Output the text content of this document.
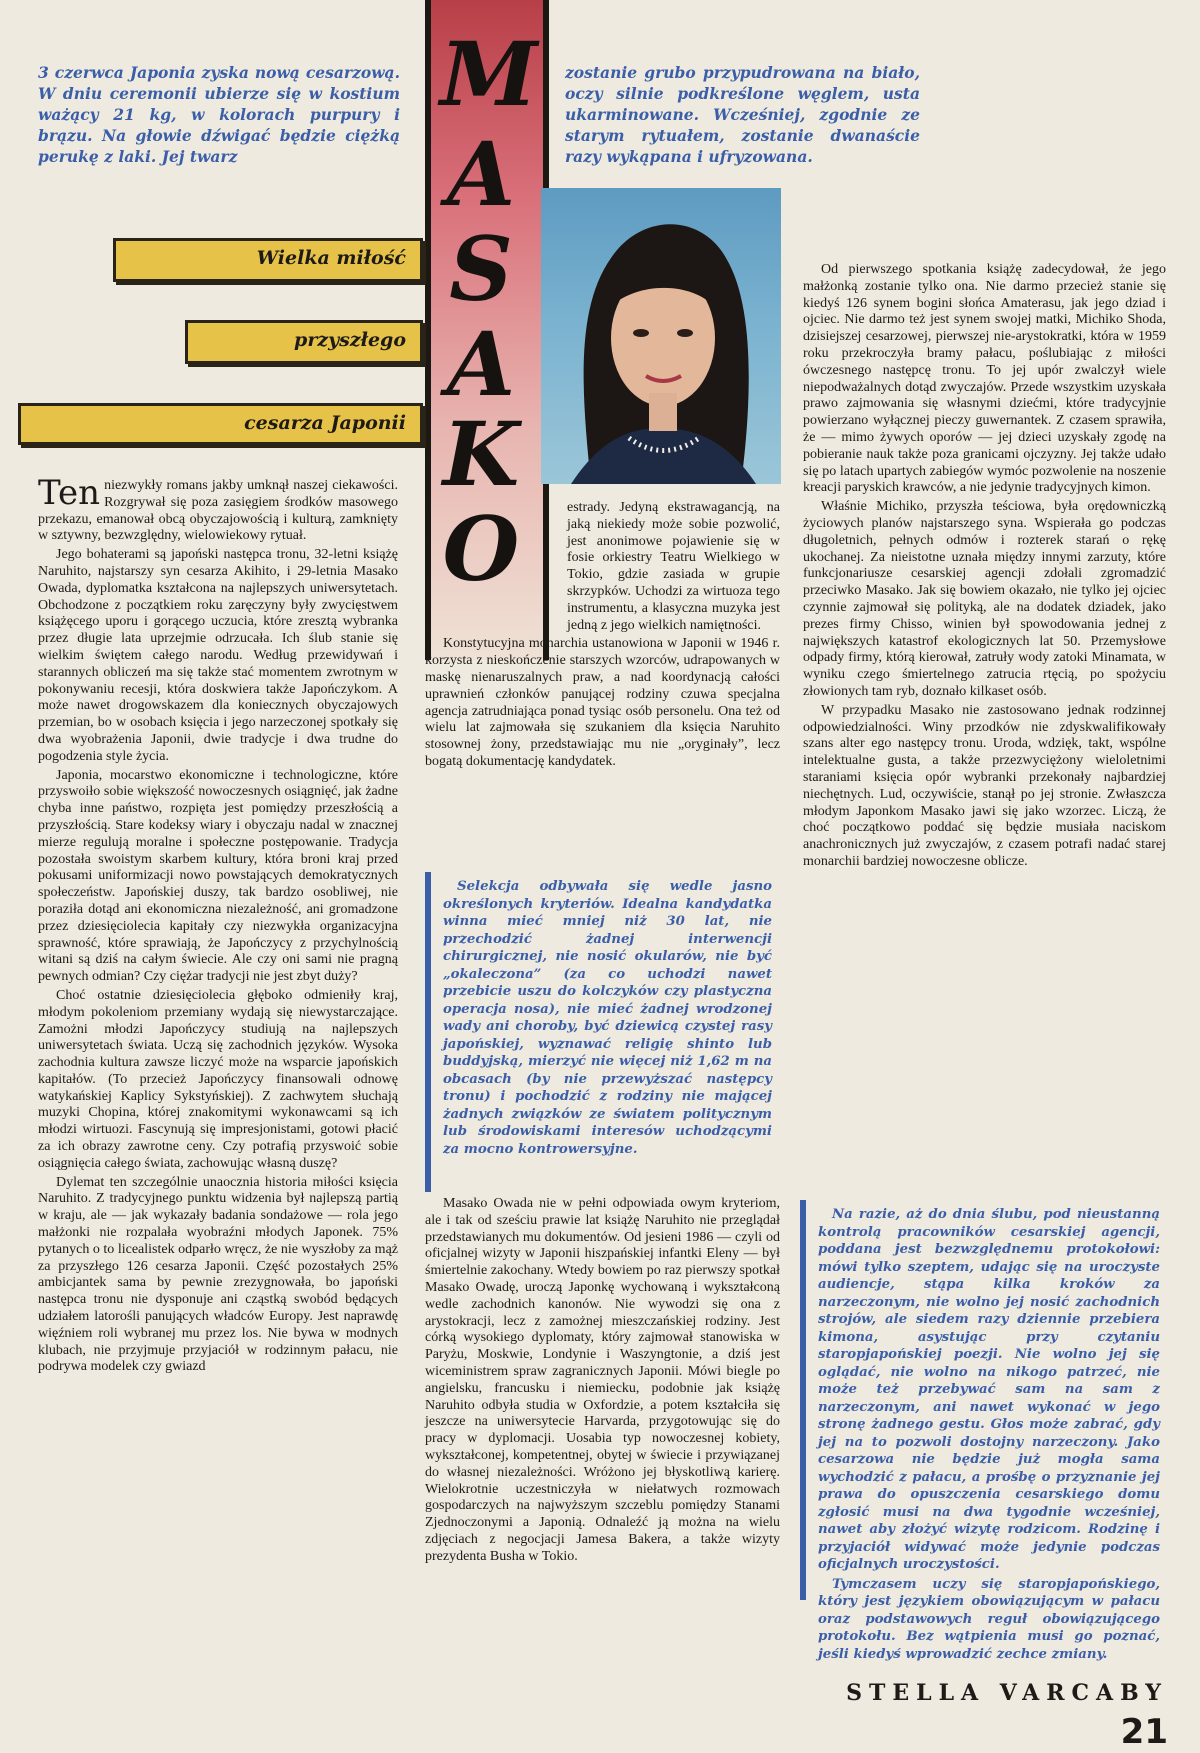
3 czerwca Japonia zyska nową cesarzową. W dniu ceremonii ubierze się w kostium ważący 21 kg, w kolorach purpury i brązu. Na głowie dźwigać będzie ciężką perukę z laki. Jej twarz
zostanie grubo przypudrowana na biało, oczy silnie podkreślone węglem, usta ukarminowane. Wcześniej, zgodnie ze starym rytuałem, zostanie dwanaście razy wykąpana i ufryzowana.
M
A
S
A
K
O
Wielka miłość
przyszłego
cesarza Japonii

Ten niezwykły romans jakby umknął naszej ciekawości. Rozgrywał się poza zasięgiem środków masowego przekazu, emanował obcą obyczajowością i kulturą, zamknięty w sztywny, bezwzględny, wielowiekowy rytuał.

Jego bohaterami są japoński następca tronu, 32-letni książę Naruhito, najstarszy syn cesarza Akihito, i 29-letnia Masako Owada, dyplomatka kształcona na najlepszych uniwersytetach. Obchodzone z początkiem roku zaręczyny były zwycięstwem książęcego uporu i gorącego uczucia, które zresztą wybranka przez długie lata uprzejmie odrzucała. Ich ślub stanie się wielkim świętem całego narodu. Według przewidywań i starannych obliczeń ma się także stać momentem zwrotnym w pokonywaniu recesji, która doskwiera także Japończykom. A może nawet drogowskazem dla koniecznych obyczajowych przemian, bo w osobach księcia i jego narzeczonej spotkały się dwa wyobrażenia Japonii, dwie tradycje i dwa trudne do pogodzenia style życia.

Japonia, mocarstwo ekonomiczne i technologiczne, które przyswoiło sobie większość nowoczesnych osiągnięć, jak żadne chyba inne państwo, rozpięta jest pomiędzy przeszłością a przyszłością. Stare kodeksy wiary i obyczaju nadal w znacznej mierze regulują moralne i społeczne postępowanie. Tradycja pozostała swoistym skarbem kultury, która broni kraj przed pokusami uniformizacji nowo powstających demokratycznych społeczeństw. Japońskiej duszy, tak bardzo osobliwej, nie poraziła dotąd ani ekonomiczna niezależność, ani gromadzone przez dziesięciolecia kapitały czy niezwykła organizacyjna sprawność, które sprawiają, że Japończycy z przychylnością witani są dziś na całym świecie. Ale czy oni sami nie pragną pewnych odmian? Czy ciężar tradycji nie jest zbyt duży?

Choć ostatnie dziesięciolecia głęboko odmieniły kraj, młodym pokoleniom przemiany wydają się niewystarczające. Zamożni młodzi Japończycy studiują na najlepszych uniwersytetach świata. Uczą się zachodnich języków. Wysoka zachodnia kultura zawsze liczyć może na wsparcie japońskich kapitałów. (To przecież Japończycy finansowali odnowę watykańskiej Kaplicy Sykstyńskiej). Z zachwytem słuchają muzyki Chopina, której znakomitymi wykonawcami są ich młodzi wirtuozi. Fascynują się impresjonistami, gotowi płacić za ich obrazy zawrotne ceny. Czy potrafią przyswoić sobie osiągnięcia całego świata, zachowując własną duszę?

Dylemat ten szczególnie unaocznia historia miłości księcia Naruhito. Z tradycyjnego punktu widzenia był najlepszą partią w kraju, ale — jak wykazały badania sondażowe — rola jego małżonki nie rozpalała wyobraźni młodych Japonek. 75% pytanych o to licealistek odparło wręcz, że nie wyszłoby za mąż za przyszłego 126 cesarza Japonii. Część pozostałych 25% ambicjantek sama by pewnie zrezygnowała, bo japoński następca tronu nie dysponuje ani cząstką swobód będących udziałem latorośli panujących władców Europy. Jest naprawdę więźniem roli wybranej mu przez los. Nie bywa w modnych klubach, nie przyjmuje przyjaciół w rodzinnym pałacu, nie podrywa modelek czy gwiazd

estrady. Jedyną ekstrawagancją, na jaką niekiedy może sobie pozwolić, jest anonimowe pojawienie się w fosie orkiestry Teatru Wielkiego w Tokio, gdzie zasiada w grupie skrzypków. Uchodzi za wirtuoza tego instrumentu, a klasyczna muzyka jest jedną z jego wielkich namiętności.

Konstytucyjna monarchia ustanowiona w Japonii w 1946 r. korzysta z nieskończenie starszych wzorców, udrapowanych w maskę nienaruszalnych praw, a nad koordynacją całości uprawnień członków panującej rodziny czuwa specjalna agencja zatrudniająca ponad tysiąc osób personelu. Ona też od wielu lat zajmowała się szukaniem dla księcia Naruhito stosownej żony, przedstawiając mu nie „oryginały”, lecz bogatą dokumentację kandydatek.

Selekcja odbywała się wedle jasno określonych kryteriów. Idealna kandydatka winna mieć mniej niż 30 lat, nie przechodzić żadnej interwencji chirurgicznej, nie nosić okularów, nie być „okaleczona” (za co uchodzi nawet przebicie uszu do kolczyków czy plastyczna operacja nosa), nie mieć żadnej wrodzonej wady ani choroby, być dziewicą czystej rasy japońskiej, wyznawać religię shinto lub buddyjską, mierzyć nie więcej niż 1,62 m na obcasach (by nie przewyższać następcy tronu) i pochodzić z rodziny nie mającej żadnych związków ze światem politycznym lub środowiskami interesów uchodzącymi za mocno kontrowersyjne.

Masako Owada nie w pełni odpowiada owym kryteriom, ale i tak od sześciu prawie lat książę Naruhito nie przeglądał przedstawianych mu dokumentów. Od jesieni 1986 — czyli od oficjalnej wizyty w Japonii hiszpańskiej infantki Eleny — był śmiertelnie zakochany. Wtedy bowiem po raz pierwszy spotkał Masako Owadę, uroczą Japonkę wychowaną i wykształconą wedle zachodnich kanonów. Nie wywodzi się ona z arystokracji, lecz z zamożnej mieszczańskiej rodziny. Jest córką wysokiego dyplomaty, który zajmował stanowiska w Paryżu, Moskwie, Londynie i Waszyngtonie, a dziś jest wiceministrem spraw zagranicznych Japonii. Mówi biegle po angielsku, francusku i niemiecku, podobnie jak książę Naruhito odbyła studia w Oxfordzie, a potem kształciła się jeszcze na uniwersytecie Harvarda, przygotowując się do pracy w dyplomacji. Uosabia typ nowoczesnej kobiety, wykształconej, kompetentnej, obytej w świecie i przywiązanej do własnej niezależności. Wróżono jej błyskotliwą karierę. Wielokrotnie uczestniczyła w niełatwych rozmowach gospodarczych na najwyższym szczeblu pomiędzy Stanami Zjednoczonymi a Japonią. Odnaleźć ją można na wielu zdjęciach z negocjacji Jamesa Bakera, a także wizyty prezydenta Busha w Tokio.

Od pierwszego spotkania książę zadecydował, że jego małżonką zostanie tylko ona. Nie darmo przecież stanie się kiedyś 126 synem bogini słońca Amaterasu, jak jego dziad i ojciec. Nie darmo też jest synem swojej matki, Michiko Shoda, dzisiejszej cesarzowej, pierwszej nie-arystokratki, która w 1959 roku przekroczyła bramy pałacu, poślubiając z miłości ówczesnego następcę tronu. To jej upór zwalczył wiele niepodważalnych dotąd zwyczajów. Przede wszystkim uzyskała prawo zajmowania się własnymi dziećmi, które tradycyjnie powierzano wyłącznej pieczy guwernantek. Z czasem sprawiła, że — mimo żywych oporów — jej dzieci uzyskały zgodę na pobieranie nauk także poza granicami ojczyzny. Jej także udało się po latach upartych zabiegów wymóc pozwolenie na noszenie kreacji paryskich krawców, a nie jedynie tradycyjnych kimon.

Właśnie Michiko, przyszła teściowa, była orędowniczką życiowych planów najstarszego syna. Wspierała go podczas długoletnich, pełnych odmów i rozterek starań o rękę ukochanej. Za nieistotne uznała między innymi zarzuty, które funkcjonariusze cesarskiej agencji zdołali zgromadzić przeciwko Masako. Jak się bowiem okazało, nie tylko jej ojciec czynnie zajmował się polityką, ale na dodatek dziadek, jako prezes firmy Chisso, winien był spowodowania jednej z największych katastrof ekologicznych lat 50. Przemysłowe odpady firmy, którą kierował, zatruły wody zatoki Minamata, w wyniku czego śmiertelnego zatrucia rtęcią, po spożyciu złowionych tam ryb, doznało kilkaset osób.

W przypadku Masako nie zastosowano jednak rodzinnej odpowiedzialności. Winy przodków nie zdyskwalifikowały szans alter ego następcy tronu. Uroda, wdzięk, takt, wspólne intelektualne gusta, a także przezwyciężony wieloletnimi staraniami księcia opór wybranki przekonały najbardziej niechętnych. Lud, oczywiście, stanął po jej stronie. Zwłaszcza młodym Japonkom Masako jawi się jako wzorzec. Liczą, że choć początkowo poddać się będzie musiała naciskom anachronicznych już zwyczajów, z czasem potrafi nadać starej monarchii bardziej nowoczesne oblicze.

Na razie, aż do dnia ślubu, pod nieustanną kontrolą pracowników cesarskiej agencji, poddana jest bezwzględnemu protokołowi: mówi tylko szeptem, udając się na uroczyste audiencje, stąpa kilka kroków za narzeczonym, nie wolno jej nosić zachodnich strojów, ale siedem razy dziennie przebiera kimona, asystując przy czytaniu staropjapońskiej poezji. Nie wolno jej się oglądać, nie wolno na nikogo patrzeć, nie może też przebywać sam na sam z narzeczonym, ani nawet wykonać w jego stronę żadnego gestu. Głos może zabrać, gdy jej na to pozwoli dostojny narzeczony. Jako cesarzowa nie będzie już mogła sama wychodzić z pałacu, a prośbę o przyznanie jej prawa do opuszczenia cesarskiego domu zgłosić musi na dwa tygodnie wcześniej, nawet aby złożyć wizytę rodzicom. Rodzinę i przyjaciół widywać może jedynie podczas oficjalnych uroczystości.

Tymczasem uczy się staropjapońskiego, który jest językiem obowiązującym w pałacu oraz podstawowych reguł obowiązującego protokołu. Bez wątpienia musi go poznać, jeśli kiedyś wprowadzić zechce zmiany.

STELLA VARCABY
21
